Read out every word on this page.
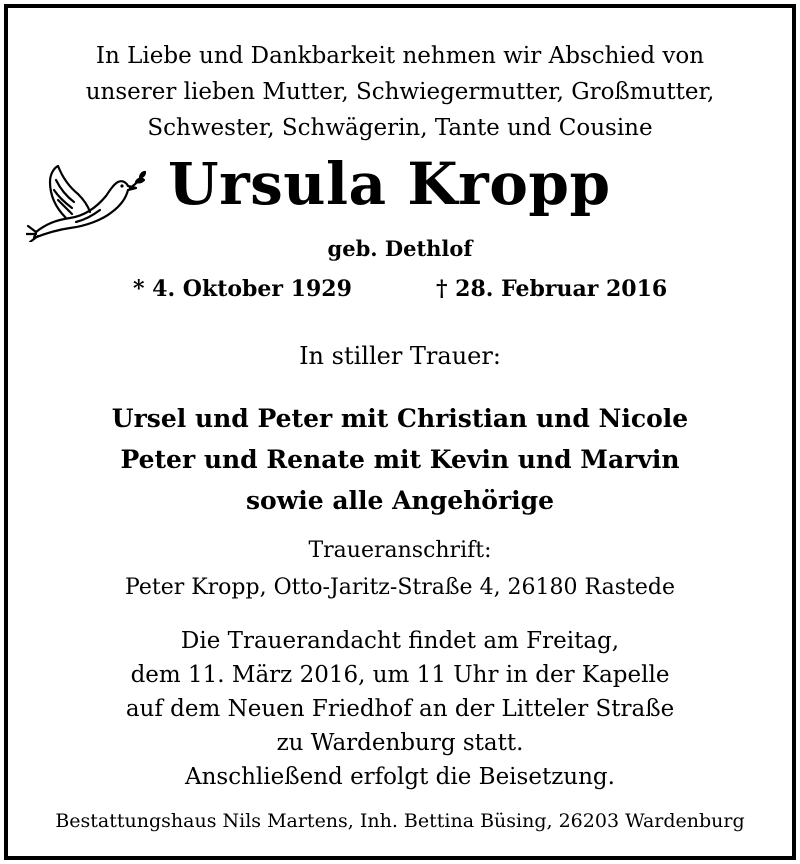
In Liebe und Dankbarkeit nehmen wir Abschied von
unserer lieben Mutter, Schwiegermutter, Großmutter,
Schwester, Schwägerin, Tante und Cousine
Ursula Kropp
geb. Dethlof
* 4. Oktober 1929	† 28. Februar 2016
In stiller Trauer:
Ursel und Peter mit Christian und Nicole
Peter und Renate mit Kevin und Marvin
sowie alle Angehörige
Traueranschrift:
Peter Kropp, Otto-Jaritz-Straße 4, 26180 Rastede
Die Trauerandacht findet am Freitag,
dem 11. März 2016, um 11 Uhr in der Kapelle
auf dem Neuen Friedhof an der Litteler Straße
zu Wardenburg statt.
Anschließend erfolgt die Beisetzung.
Bestattungshaus Nils Martens, Inh. Bettina Büsing, 26203 Wardenburg
